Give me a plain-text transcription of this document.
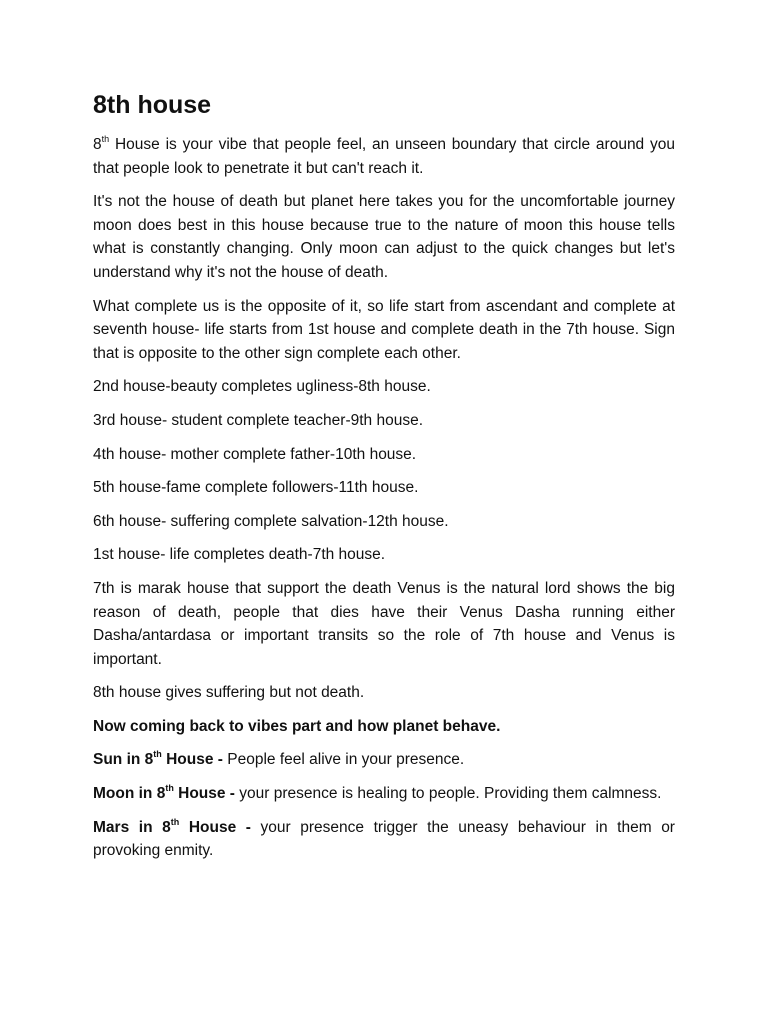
8th house

8th House is your vibe that people feel, an unseen boundary that circle around you that people look to penetrate it but can't reach it.

It's not the house of death but planet here takes you for the uncomfortable journey moon does best in this house because true to the nature of moon this house tells what is constantly changing. Only moon can adjust to the quick changes but let's understand why it's not the house of death.

What complete us is the opposite of it, so life start from ascendant and complete at seventh house- life starts from 1st house and complete death in the 7th house. Sign that is opposite to the other sign complete each other.

2nd house-beauty completes ugliness-8th house.

3rd house- student complete teacher-9th house.

4th house- mother complete father-10th house.

5th house-fame complete followers-11th house.

6th house- suffering complete salvation-12th house.

1st house- life completes death-7th house.

7th is marak house that support the death Venus is the natural lord shows the big reason of death, people that dies have their Venus Dasha running either Dasha/antardasa or important transits so the role of 7th house and Venus is important.

8th house gives suffering but not death.

Now coming back to vibes part and how planet behave.

Sun in 8th House - People feel alive in your presence.

Moon in 8th House - your presence is healing to people. Providing them calmness.

Mars in 8th House - your presence trigger the uneasy behaviour in them or provoking enmity.
